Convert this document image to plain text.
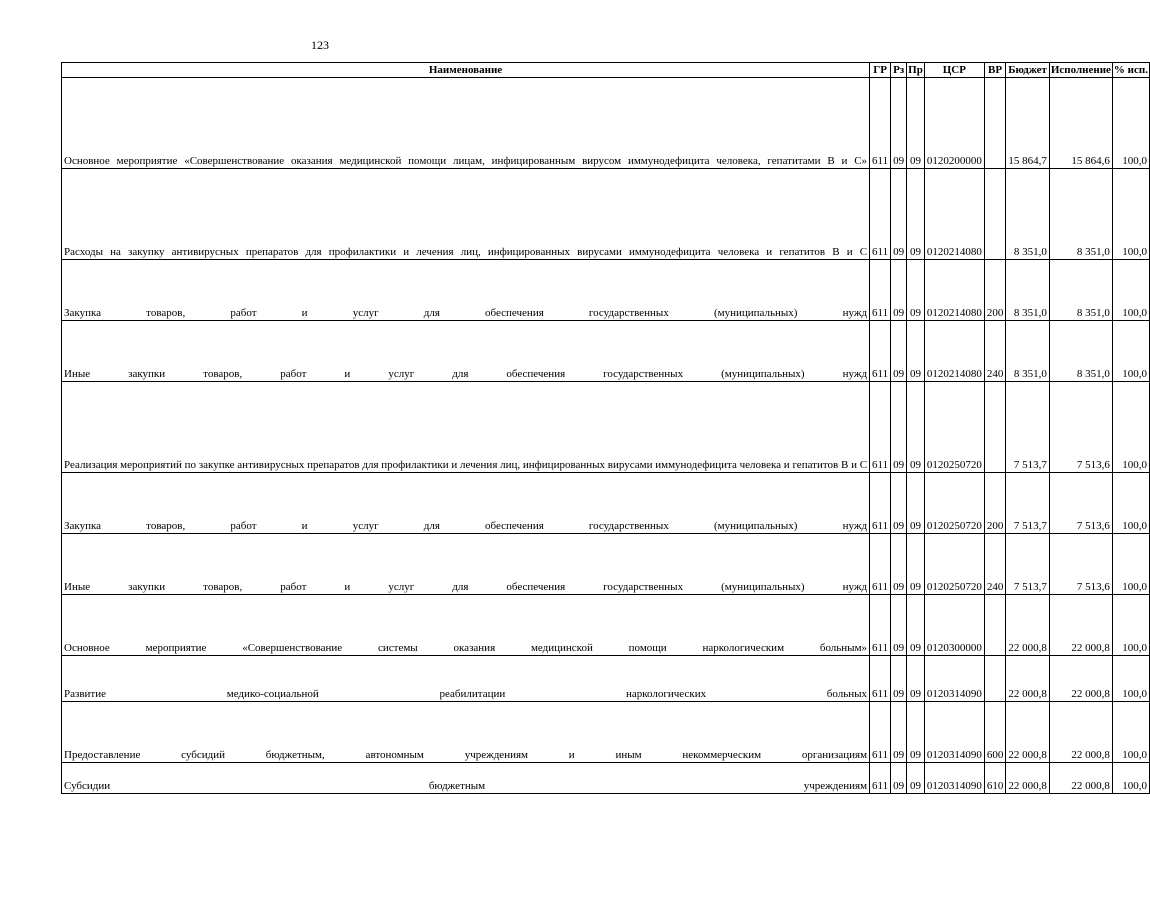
123
Наименование	ГР	Рз	Пр	ЦСР	ВР	Бюджет	Исполнение	% исп.
Основное мероприятие «Совершенствование оказания медицинской помощи лицам, инфицированным вирусом иммунодефицита человека, гепатитами В и С»	611	09	09	0120200000		15 864,7	15 864,6	100,0
Расходы на закупку антивирусных препаратов для профилактики и лечения лиц, инфицированных вирусами иммунодефицита человека и гепатитов В и С	611	09	09	0120214080		8 351,0	8 351,0	100,0
Закупка товаров, работ и услуг для обеспечения государственных (муниципальных) нужд	611	09	09	0120214080	200	8 351,0	8 351,0	100,0
Иные закупки товаров, работ и услуг для обеспечения государственных (муниципальных) нужд	611	09	09	0120214080	240	8 351,0	8 351,0	100,0
Реализация мероприятий по закупке антивирусных препаратов для профилактики и лечения лиц, инфицированных вирусами иммунодефицита человека и гепатитов В и С	611	09	09	0120250720		7 513,7	7 513,6	100,0
Закупка товаров, работ и услуг для обеспечения государственных (муниципальных) нужд	611	09	09	0120250720	200	7 513,7	7 513,6	100,0
Иные закупки товаров, работ и услуг для обеспечения государственных (муниципальных) нужд	611	09	09	0120250720	240	7 513,7	7 513,6	100,0
Основное мероприятие «Совершенствование системы оказания медицинской помощи наркологическим больным»	611	09	09	0120300000		22 000,8	22 000,8	100,0
Развитие медико-социальной реабилитации наркологических больных	611	09	09	0120314090		22 000,8	22 000,8	100,0
Предоставление субсидий бюджетным, автономным учреждениям и иным некоммерческим организациям	611	09	09	0120314090	600	22 000,8	22 000,8	100,0
Субсидии бюджетным учреждениям	611	09	09	0120314090	610	22 000,8	22 000,8	100,0
